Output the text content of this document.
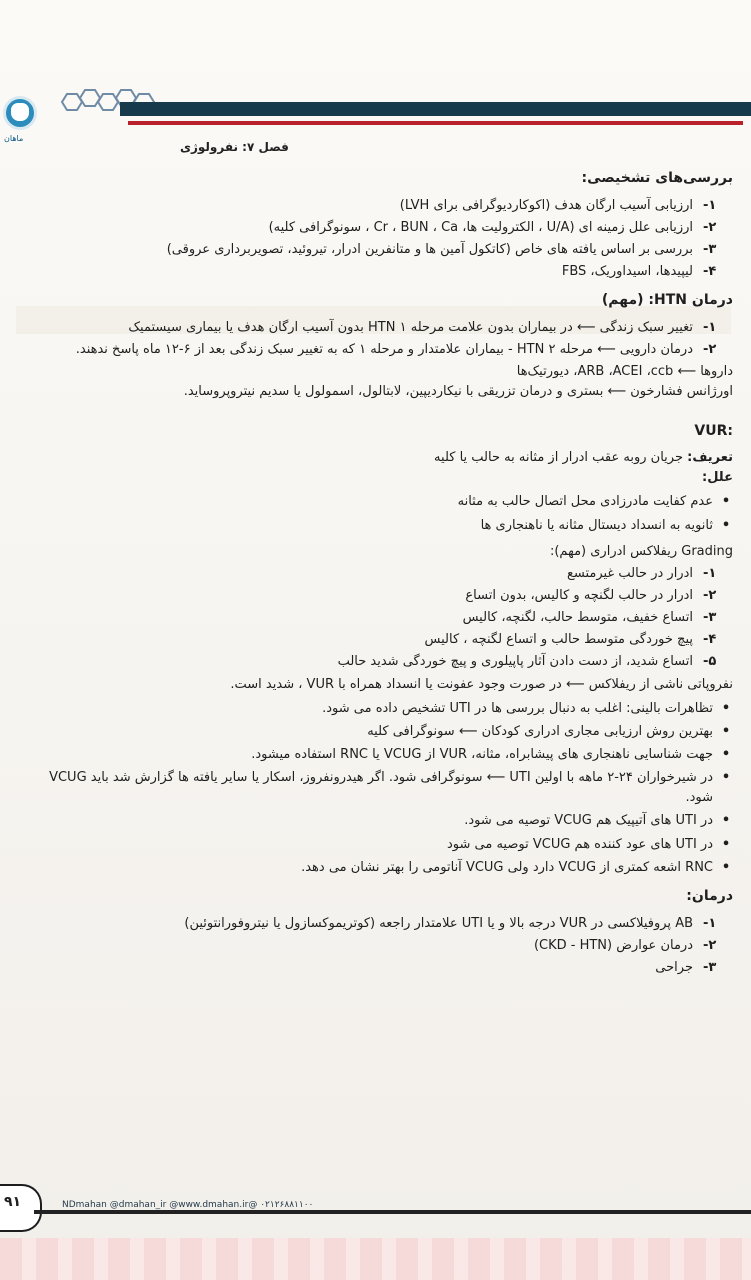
ماهان
فصل ۷: نفرولوژی
بررسی‌های تشخیصی:
۱-
ارزیابی آسیب ارگان هدف (اکوکاردیوگرافی برای LVH)
۲-
ارزیابی علل زمینه ای (U/A ، الکترولیت ها، Cr ، BUN ، Ca ، سونوگرافی کلیه)
۳-
بررسی بر اساس یافته های خاص (کاتکول آمین ها و متانفرین ادرار، تیروئید، تصویربرداری عروقی)
۴-
لیپیدها، اسیداوریک، FBS
درمان HTN: (مهم)
۱-
تغییر سبک زندگی ⟵ در بیماران بدون علامت مرحله ۱ HTN بدون آسیب ارگان هدف یا بیماری سیستمیک
۲-
درمان دارویی ⟵ مرحله ۲ HTN - بیماران علامتدار و مرحله ۱ که به تغییر سبک زندگی بعد از ۶-۱۲ ماه پاسخ ندهند.
داروها ⟵ ARB ،ACEI ،ccb، دیورتیک‌ها
اورژانس فشارخون ⟵ بستری و درمان تزریقی با نیکاردیپین، لابتالول، اسمولول یا سدیم نیتروپروساید.
:VUR
تعریف: جریان روبه عقب ادرار از مثانه به حالب یا کلیه
علل:
•
عدم کفایت مادرزادی محل اتصال حالب به مثانه
•
ثانویه به انسداد دیستال مثانه یا ناهنجاری ها
Grading ریفلاکس ادراری (مهم):
۱-
ادرار در حالب غیرمتسع
۲-
ادرار در حالب لگنچه و کالیس، بدون اتساع
۳-
اتساع خفیف، متوسط حالب، لگنچه، کالیس
۴-
پیچ خوردگی متوسط حالب و اتساع لگنچه ، کالیس
۵-
اتساع شدید، از دست دادن آثار پاپیلوری و پیچ خوردگی شدید حالب
نفروپاتی ناشی از ریفلاکس ⟵ در صورت وجود عفونت یا انسداد همراه با VUR ، شدید است.
•
تظاهرات بالینی: اغلب به دنبال بررسی ها در UTI تشخیص داده می شود.
•
بهترین روش ارزیابی مجاری ادراری کودکان ⟵ سونوگرافی کلیه
•
جهت شناسایی ناهنجاری های پیشابراه، مثانه، VUR از VCUG یا RNC استفاده میشود.
•
در شیرخواران ۲۴-۲ ماهه با اولین UTI ⟵ سونوگرافی شود. اگر هیدرونفروز، اسکار یا سایر یافته ها گزارش شد باید VCUG شود.
•
در UTI های آتیپیک هم VCUG توصیه می شود.
•
در UTI های عود کننده هم VCUG توصیه می شود
•
RNC اشعه کمتری از VCUG دارد ولی VCUG آناتومی را بهتر نشان می دهد.
درمان:
۱-
AB پروفیلاکسی در VUR درجه بالا و یا UTI علامتدار راجعه (کوتریموکسازول یا نیتروفورانتوئین)
۲-
درمان عوارض (CKD - HTN)
۳-
جراحی
۹۱	۰۲۱۲۶۸۸۱۱۰۰ @NDmahan @dmahan_ir @www.dmahan.ir
